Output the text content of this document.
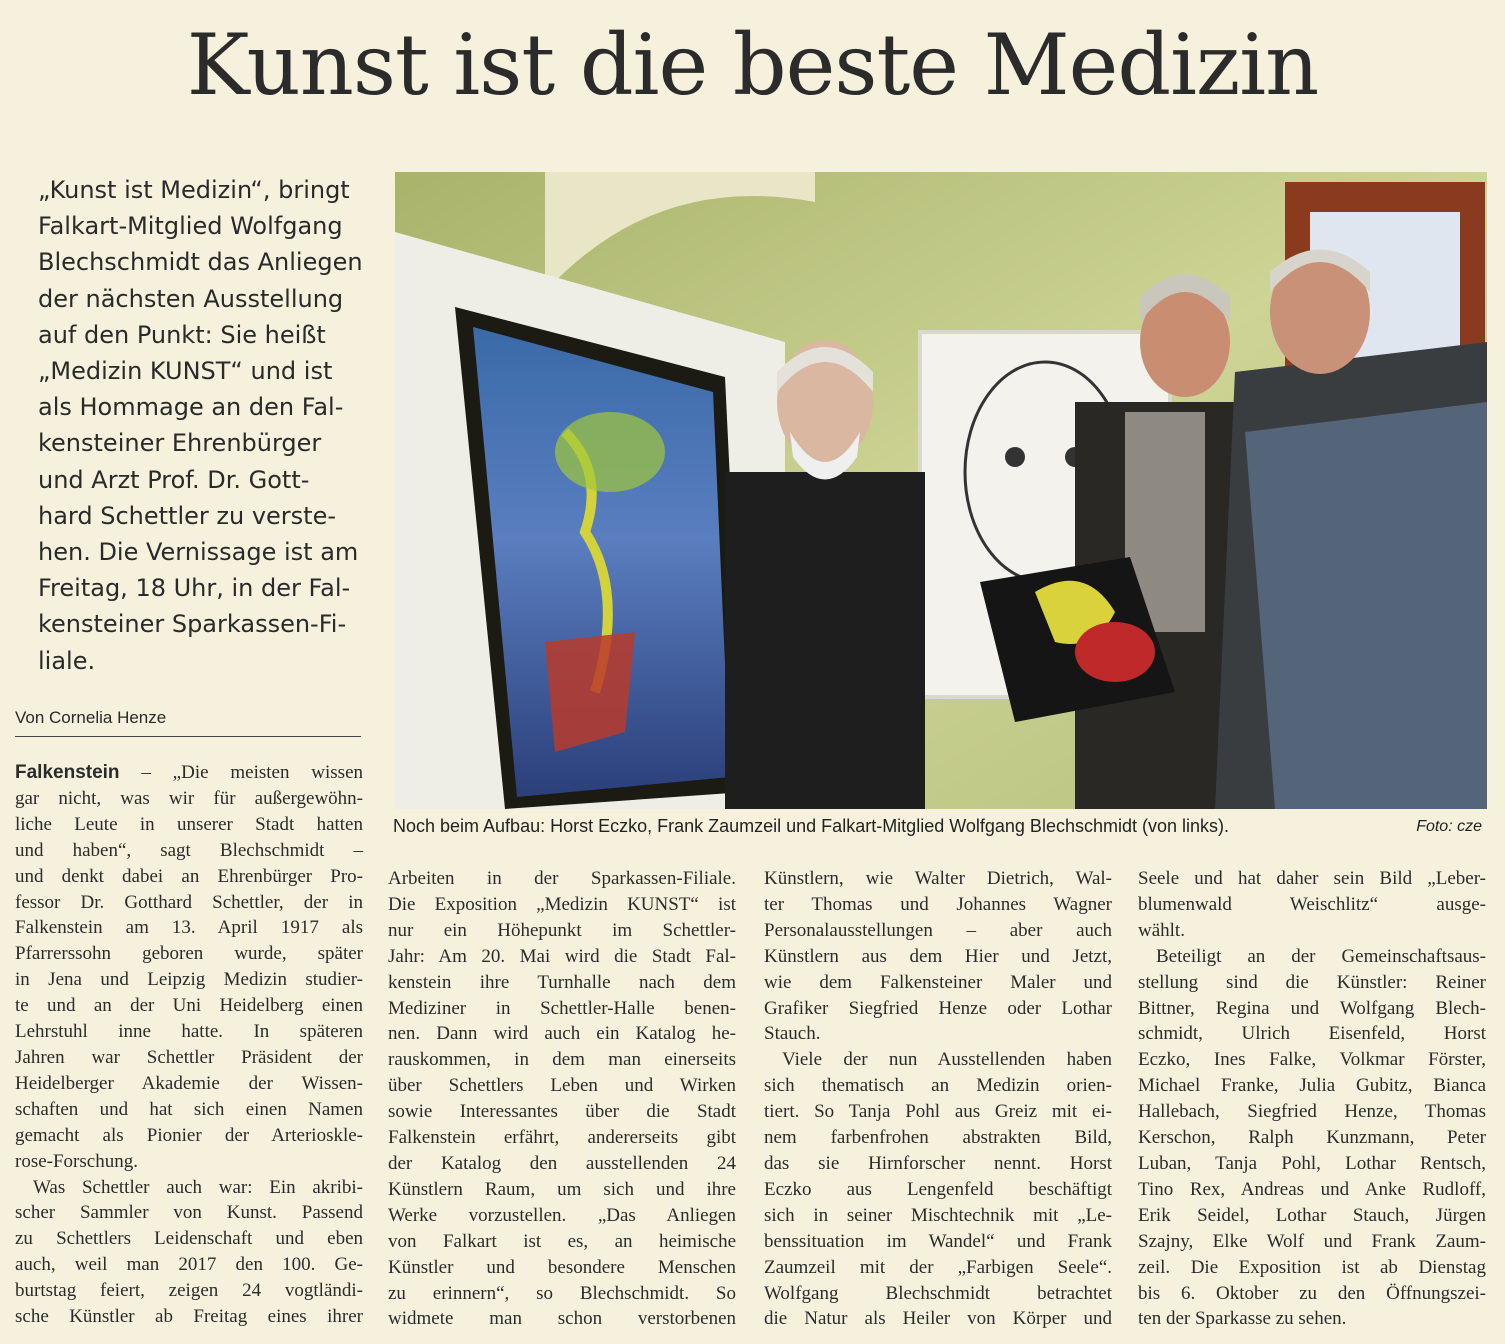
Kunst ist die beste Medizin

„Kunst ist Medizin“, bringt
Falkart-Mitglied Wolfgang
Blechschmidt das Anliegen
der nächsten Ausstellung
auf den Punkt: Sie heißt
„Medizin KUNST“ und ist
als Hommage an den Fal-
kensteiner Ehrenbürger
und Arzt Prof. Dr. Gott-
hard Schettler zu verste-
hen. Die Vernissage ist am
Freitag, 18 Uhr, in der Fal-
kensteiner Sparkassen-Fi-
liale.

Von Cornelia Henze
Noch beim Aufbau: Horst Eczko, Frank Zaumzeil und Falkart-Mitglied Wolfgang Blechschmidt (von links).	Foto: cze
Falkenstein – „Die meisten wissen
gar nicht, was wir für außergewöhn-
liche Leute in unserer Stadt hatten
und haben“, sagt Blechschmidt –
und denkt dabei an Ehrenbürger Pro-
fessor Dr. Gotthard Schettler, der in
Falkenstein am 13. April 1917 als
Pfarrerssohn geboren wurde, später
in Jena und Leipzig Medizin studier-
te und an der Uni Heidelberg einen
Lehrstuhl inne hatte. In späteren
Jahren war Schettler Präsident der
Heidelberger Akademie der Wissen-
schaften und hat sich einen Namen
gemacht als Pionier der Arterioskle-
rose-Forschung.
Was Schettler auch war: Ein akribi-
scher Sammler von Kunst. Passend
zu Schettlers Leidenschaft und eben
auch, weil man 2017 den 100. Ge-
burtstag feiert, zeigen 24 vogtländi-
sche Künstler ab Freitag eines ihrer
Arbeiten in der Sparkassen-Filiale.
Die Exposition „Medizin KUNST“ ist
nur ein Höhepunkt im Schettler-
Jahr: Am 20. Mai wird die Stadt Fal-
kenstein ihre Turnhalle nach dem
Mediziner in Schettler-Halle benen-
nen. Dann wird auch ein Katalog he-
rauskommen, in dem man einerseits
über Schettlers Leben und Wirken
sowie Interessantes über die Stadt
Falkenstein erfährt, andererseits gibt
der Katalog den ausstellenden 24
Künstlern Raum, um sich und ihre
Werke vorzustellen. „Das Anliegen
von Falkart ist es, an heimische
Künstler und besondere Menschen
zu erinnern“, so Blechschmidt. So
widmete man schon verstorbenen
Künstlern, wie Walter Dietrich, Wal-
ter Thomas und Johannes Wagner
Personalausstellungen – aber auch
Künstlern aus dem Hier und Jetzt,
wie dem Falkensteiner Maler und
Grafiker Siegfried Henze oder Lothar
Stauch.
Viele der nun Ausstellenden haben
sich thematisch an Medizin orien-
tiert. So Tanja Pohl aus Greiz mit ei-
nem farbenfrohen abstrakten Bild,
das sie Hirnforscher nennt. Horst
Eczko aus Lengenfeld beschäftigt
sich in seiner Mischtechnik mit „Le-
benssituation im Wandel“ und Frank
Zaumzeil mit der „Farbigen Seele“.
Wolfgang Blechschmidt betrachtet
die Natur als Heiler von Körper und
Seele und hat daher sein Bild „Leber-
blumenwald Weischlitz“ ausge-
wählt.
Beteiligt an der Gemeinschaftsaus-
stellung sind die Künstler: Reiner
Bittner, Regina und Wolfgang Blech-
schmidt, Ulrich Eisenfeld, Horst
Eczko, Ines Falke, Volkmar Förster,
Michael Franke, Julia Gubitz, Bianca
Hallebach, Siegfried Henze, Thomas
Kerschon, Ralph Kunzmann, Peter
Luban, Tanja Pohl, Lothar Rentsch,
Tino Rex, Andreas und Anke Rudloff,
Erik Seidel, Lothar Stauch, Jürgen
Szajny, Elke Wolf und Frank Zaum-
zeil. Die Exposition ist ab Dienstag
bis 6. Oktober zu den Öffnungszei-
ten der Sparkasse zu sehen.
